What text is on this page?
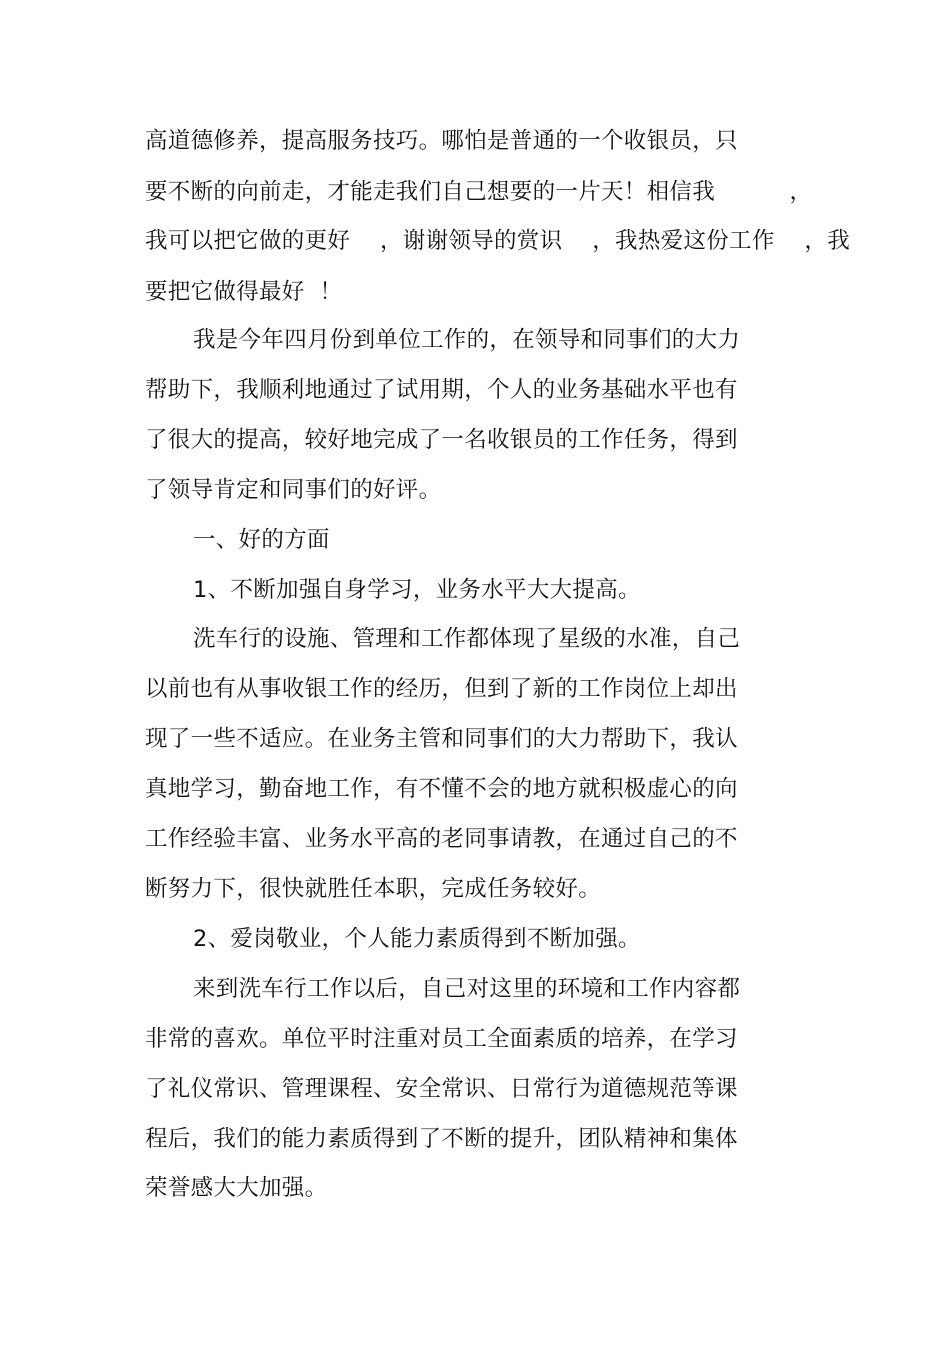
高道德修养，提高服务技巧。哪怕是普通的一个收银员，只
要不断的向前走，才能走我们自己想要的一片天！相信我          ，
我可以把它做的更好    ，谢谢领导的赏识    ，我热爱这份工作    ，我
要把它做得最好  ！
我是今年四月份到单位工作的，在领导和同事们的大力
帮助下，我顺利地通过了试用期，个人的业务基础水平也有
了很大的提高，较好地完成了一名收银员的工作任务，得到
了领导肯定和同事们的好评。
一、好的方面
1、不断加强自身学习，业务水平大大提高。
洗车行的设施、管理和工作都体现了星级的水准，自己
以前也有从事收银工作的经历，但到了新的工作岗位上却出
现了一些不适应。在业务主管和同事们的大力帮助下，我认
真地学习，勤奋地工作，有不懂不会的地方就积极虚心的向
工作经验丰富、业务水平高的老同事请教，在通过自己的不
断努力下，很快就胜任本职，完成任务较好。
2、爱岗敬业，个人能力素质得到不断加强。
来到洗车行工作以后，自己对这里的环境和工作内容都
非常的喜欢。单位平时注重对员工全面素质的培养，在学习
了礼仪常识、管理课程、安全常识、日常行为道德规范等课
程后，我们的能力素质得到了不断的提升，团队精神和集体
荣誉感大大加强。
